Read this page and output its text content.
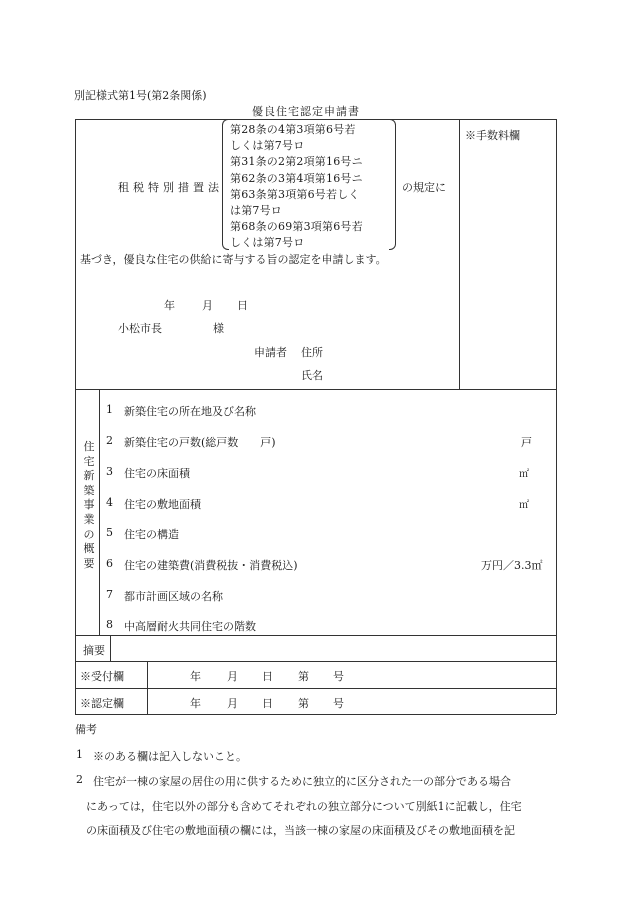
別記様式第1号(第2条関係)
優良住宅認定申請書
租税特別措置法
第28条の4第3項第6号若
しくは第7号ロ
第31条の2第2項第16号ニ
第62条の3第4項第16号ニ
第63条第3項第6号若しく
は第7号ロ
第68条の69第3項第6号若
しくは第7号ロ
の規定に
※手数料欄
基づき，優良な住宅の供給に寄与する旨の認定を申請します。
年 月 日
小松市長	様
申請者 住所
氏名
住宅新築事業の概要
1 新築住宅の所在地及び名称
2 新築住宅の戸数(総戸数　　戸)	戸
3 住宅の床面積	㎡
4 住宅の敷地面積	㎡
5 住宅の構造
6 住宅の建築費(消費税抜・消費税込)	万円／3.3㎡
7 都市計画区域の名称
8 中高層耐火共同住宅の階数
摘要
※受付欄	年 月 日 第 号
※認定欄	年 月 日 第 号
備考
1 ※のある欄は記入しないこと。
2 住宅が一棟の家屋の居住の用に供するために独立的に区分された一の部分である場合
にあっては，住宅以外の部分も含めてそれぞれの独立部分について別紙1に記載し，住宅
の床面積及び住宅の敷地面積の欄には，当該一棟の家屋の床面積及びその敷地面積を記
